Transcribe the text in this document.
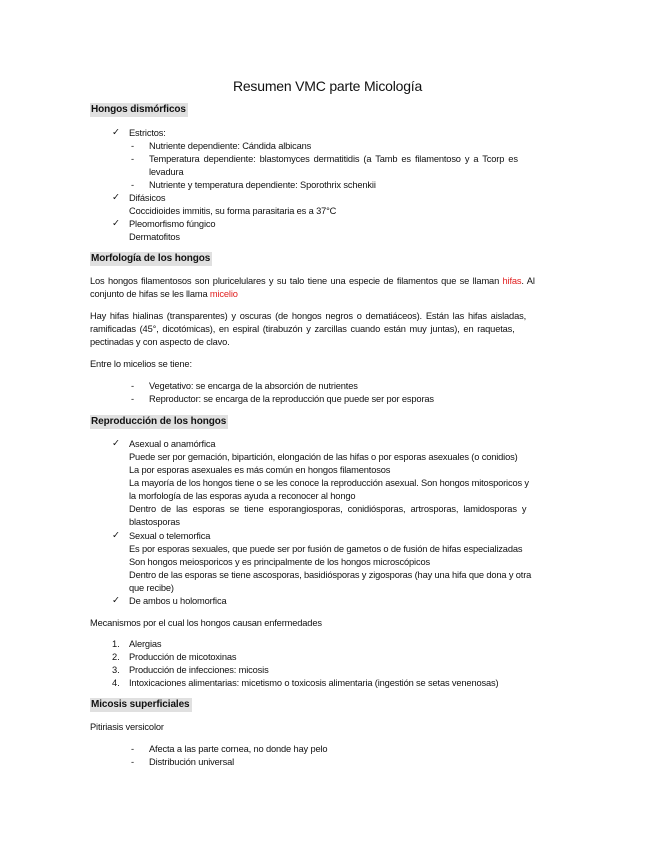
Resumen VMC parte Micología
Hongos dismórficos
✓ Estrictos:
- Nutriente dependiente: Cándida albicans
- Temperatura dependiente: blastomyces dermatitidis (a Tamb es filamentoso y a Tcorp es
levadura
- Nutriente y temperatura dependiente: Sporothrix schenkii
✓ Difásicos
Coccidioides immitis, su forma parasitaria es a 37°C
✓ Pleomorfismo fúngico
Dermatofitos
Morfología de los hongos
Los hongos filamentosos son pluricelulares y su talo tiene una especie de filamentos que se llaman hifas. Al
conjunto de hifas se les llama micelio
Hay hifas hialinas (transparentes) y oscuras (de hongos negros o dematiáceos). Están las hifas aisladas,
ramificadas (45°, dicotómicas), en espiral (tirabuzón y zarcillas cuando están muy juntas), en raquetas,
pectinadas y con aspecto de clavo.
Entre lo micelios se tiene:
- Vegetativo: se encarga de la absorción de nutrientes
- Reproductor: se encarga de la reproducción que puede ser por esporas
Reproducción de los hongos
✓ Asexual o anamórfica
Puede ser por gemación, bipartición, elongación de las hifas o por esporas asexuales (o conidios)
La por esporas asexuales es más común en hongos filamentosos
La mayoría de los hongos tiene o se les conoce la reproducción asexual. Son hongos mitosporicos y
la morfología de las esporas ayuda a reconocer al hongo
Dentro de las esporas se tiene esporangiosporas, conidiósporas, artrosporas, lamidosporas y
blastosporas
✓ Sexual o telemorfica
Es por esporas sexuales, que puede ser por fusión de gametos o de fusión de hifas especializadas
Son hongos meiosporicos y es principalmente de los hongos microscópicos
Dentro de las esporas se tiene ascosporas, basidiósporas y zigosporas (hay una hifa que dona y otra
que recibe)
✓ De ambos u holomorfica
Mecanismos por el cual los hongos causan enfermedades
1. Alergias
2. Producción de micotoxinas
3. Producción de infecciones: micosis
4. Intoxicaciones alimentarias: micetismo o toxicosis alimentaria (ingestión se setas venenosas)
Micosis superficiales
Pitiriasis versicolor
- Afecta a las parte cornea, no donde hay pelo
- Distribución universal
